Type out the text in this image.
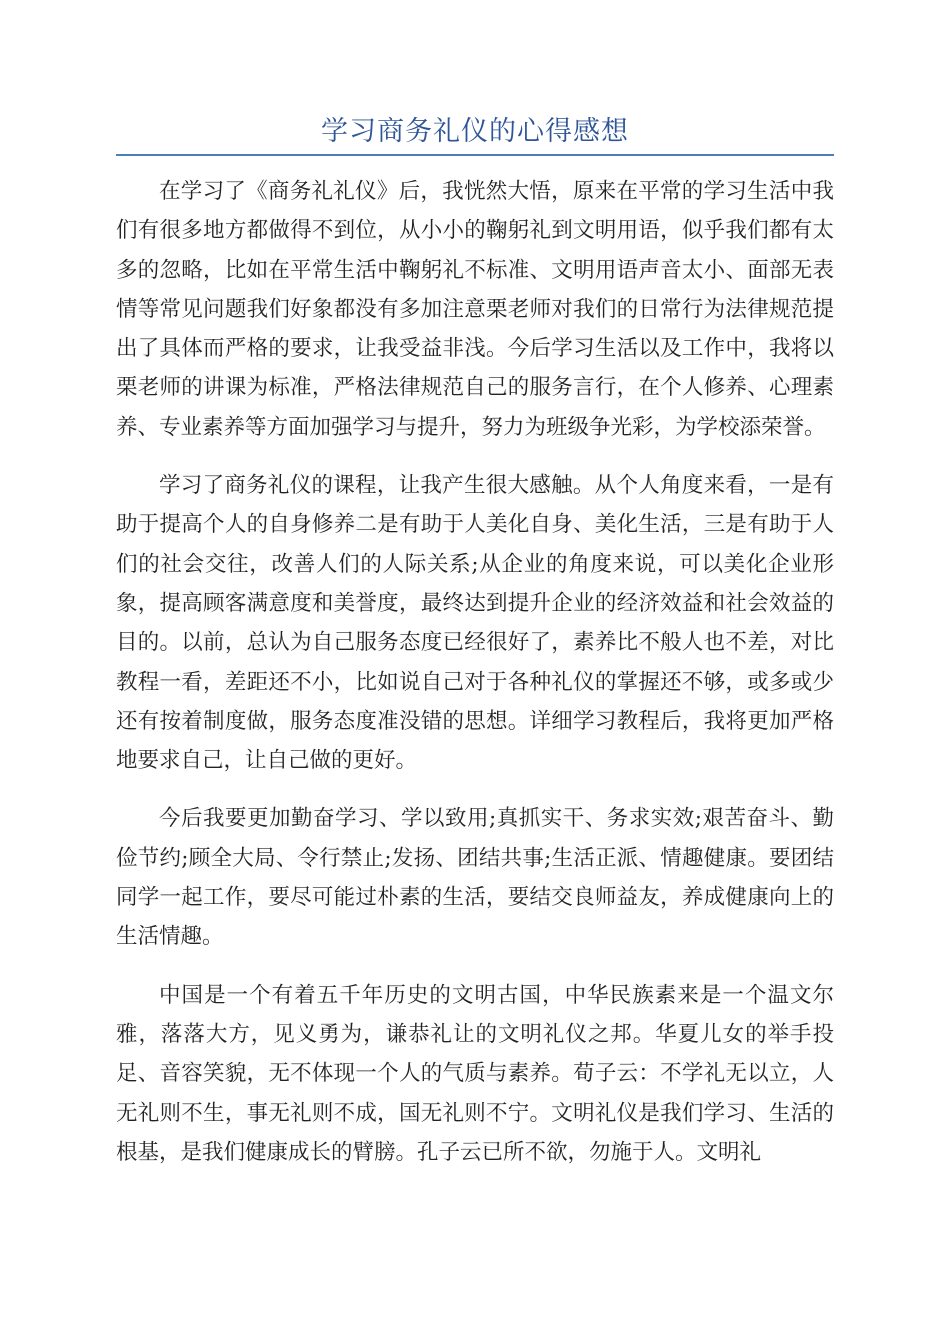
学习商务礼仪的心得感想

在学习了《商务礼礼仪》后，我恍然大悟，原来在平常的学习生活中我们有很多地方都做得不到位，从小小的鞠躬礼到文明用语，似乎我们都有太多的忽略，比如在平常生活中鞠躬礼不标准、文明用语声音太小、面部无表情等常见问题我们好象都没有多加注意栗老师对我们的日常行为法律规范提出了具体而严格的要求，让我受益非浅。今后学习生活以及工作中，我将以栗老师的讲课为标准，严格法律规范自己的服务言行，在个人修养、心理素养、专业素养等方面加强学习与提升，努力为班级争光彩，为学校添荣誉。

学习了商务礼仪的课程，让我产生很大感触。从个人角度来看，一是有助于提高个人的自身修养二是有助于人美化自身、美化生活，三是有助于人们的社会交往，改善人们的人际关系;从企业的角度来说，可以美化企业形象，提高顾客满意度和美誉度，最终达到提升企业的经济效益和社会效益的目的。以前，总认为自己服务态度已经很好了，素养比不般人也不差，对比教程一看，差距还不小，比如说自己对于各种礼仪的掌握还不够，或多或少还有按着制度做，服务态度准没错的思想。详细学习教程后，我将更加严格地要求自己，让自己做的更好。

今后我要更加勤奋学习、学以致用;真抓实干、务求实效;艰苦奋斗、勤俭节约;顾全大局、令行禁止;发扬、团结共事;生活正派、情趣健康。要团结同学一起工作，要尽可能过朴素的生活，要结交良师益友，养成健康向上的生活情趣。

中国是一个有着五千年历史的文明古国，中华民族素来是一个温文尔雅，落落大方，见义勇为，谦恭礼让的文明礼仪之邦。华夏儿女的举手投足、音容笑貌，无不体现一个人的气质与素养。荀子云：不学礼无以立，人无礼则不生，事无礼则不成，国无礼则不宁。文明礼仪是我们学习、生活的根基，是我们健康成长的臂膀。孔子云已所不欲，勿施于人。文明礼
